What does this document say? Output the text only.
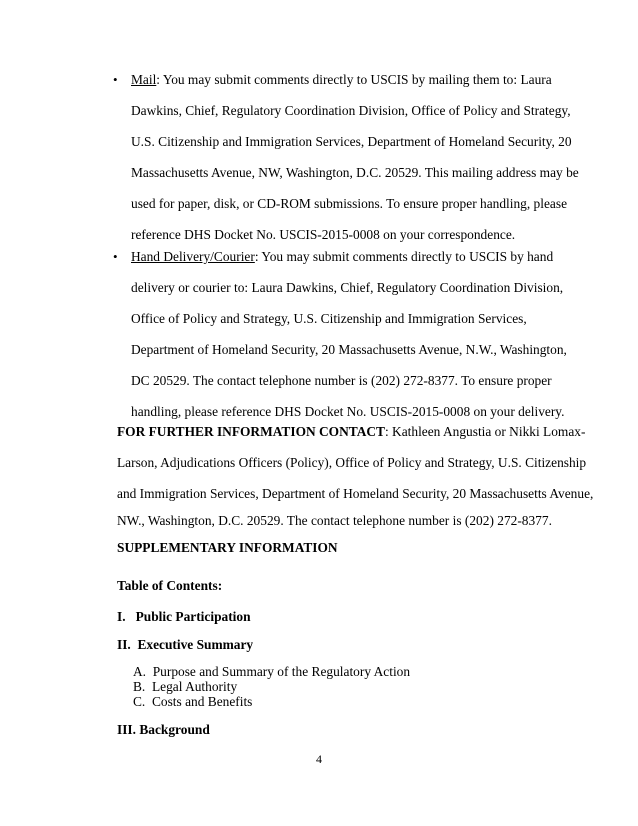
• Mail: You may submit comments directly to USCIS by mailing them to: Laura
Dawkins, Chief, Regulatory Coordination Division, Office of Policy and Strategy,
U.S. Citizenship and Immigration Services, Department of Homeland Security, 20
Massachusetts Avenue, NW, Washington, D.C. 20529. This mailing address may be
used for paper, disk, or CD-ROM submissions. To ensure proper handling, please
reference DHS Docket No. USCIS-2015-0008 on your correspondence.
• Hand Delivery/Courier: You may submit comments directly to USCIS by hand
delivery or courier to: Laura Dawkins, Chief, Regulatory Coordination Division,
Office of Policy and Strategy, U.S. Citizenship and Immigration Services,
Department of Homeland Security, 20 Massachusetts Avenue, N.W., Washington,
DC 20529. The contact telephone number is (202) 272-8377. To ensure proper
handling, please reference DHS Docket No. USCIS-2015-0008 on your delivery.
FOR FURTHER INFORMATION CONTACT: Kathleen Angustia or Nikki Lomax-
Larson, Adjudications Officers (Policy), Office of Policy and Strategy, U.S. Citizenship
and Immigration Services, Department of Homeland Security, 20 Massachusetts Avenue,
NW., Washington, D.C. 20529. The contact telephone number is (202) 272-8377.
SUPPLEMENTARY INFORMATION
Table of Contents:
I.   Public Participation
II.  Executive Summary
A.  Purpose and Summary of the Regulatory Action
B.  Legal Authority
C.  Costs and Benefits
III. Background
4
